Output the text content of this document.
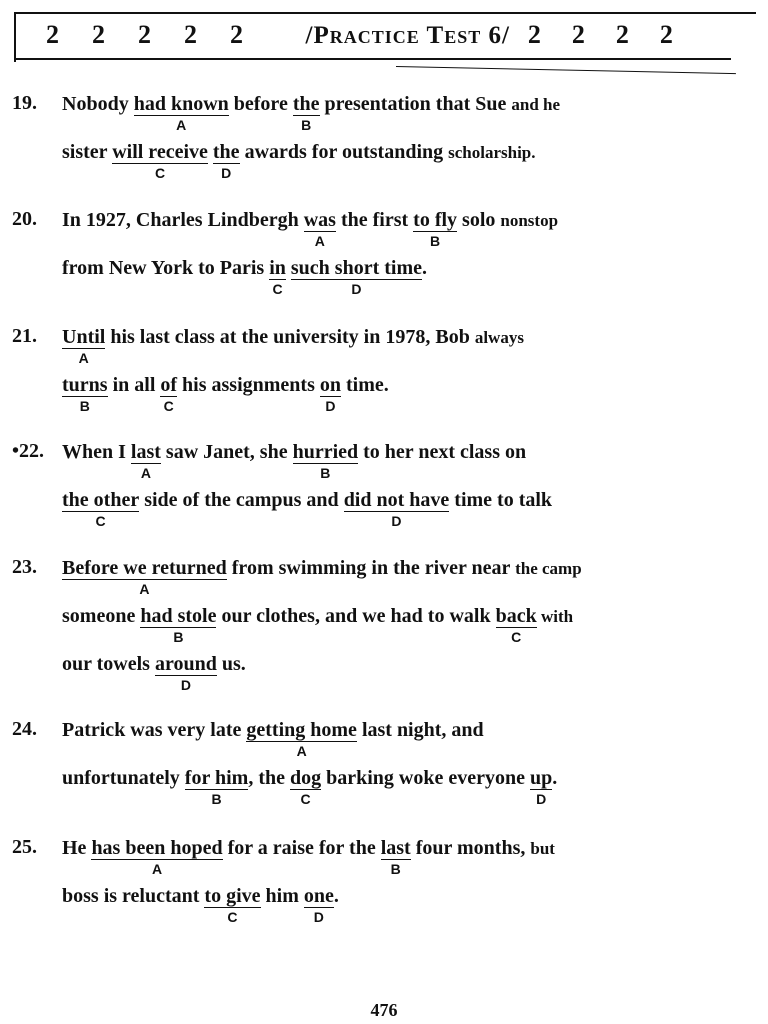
2 2 2 2 2 /Practice Test 6/ 2 2 2 2
19.	Nobody had known
A
before the
B
presentation that Sue and he
sister will receive
C
the
D
awards for outstanding scholarship.
20.	In 1927, Charles Lindbergh was
A
the first to fly
B
solo nonstop
from New York to Paris in
C
such short time
D
.
21.	Until
A
his last class at the university in 1978, Bob always
turns
B
in all of
C
his assignments on
D
time.
•22. When I last
A
saw Janet, she hurried
B
to her next class on
the other
C
side of the campus and did not have
D
time to talk
23.	Before we returned
A
from swimming in the river near the camp
someone had stole
B
our clothes, and we had to walk back
C
with
our towels around
D
us.
24.	Patrick was very late getting home
A
last night, and
unfortunately for him
B
, the dog
C
barking woke everyone up
D
.
25.	He has been hoped
A
for a raise for the last
B
four months, but
boss is reluctant to give
C
him one
D
.
476
